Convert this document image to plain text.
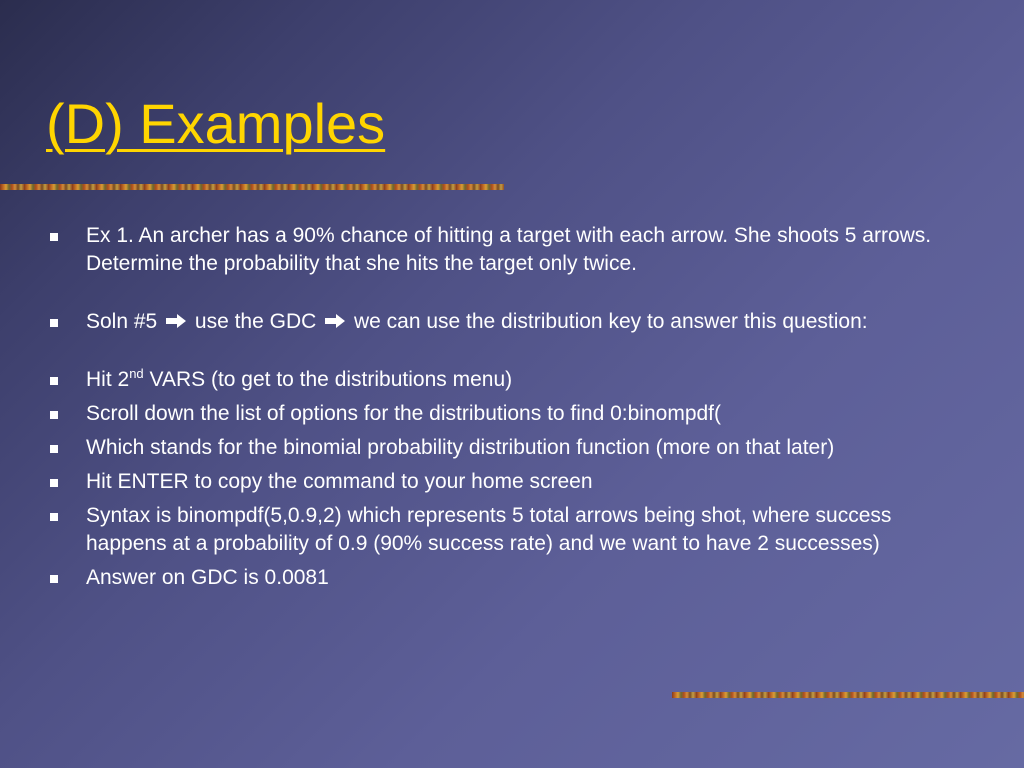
(D) Examples
Ex 1. An archer has a 90% chance of hitting a target with each arrow. She shoots 5 arrows. Determine the probability that she hits the target only twice.
Soln #5
use the GDC
we can use the distribution key to answer this question:
Hit 2nd VARS (to get to the distributions menu)
Scroll down the list of options for the distributions to find 0:binompdf(
Which stands for the binomial probability distribution function (more on that later)
Hit ENTER to copy the command to your home screen
Syntax is binompdf(5,0.9,2) which represents 5 total arrows being shot, where success happens at a probability of 0.9 (90% success rate) and we want to have 2 successes)
Answer on GDC is 0.0081
